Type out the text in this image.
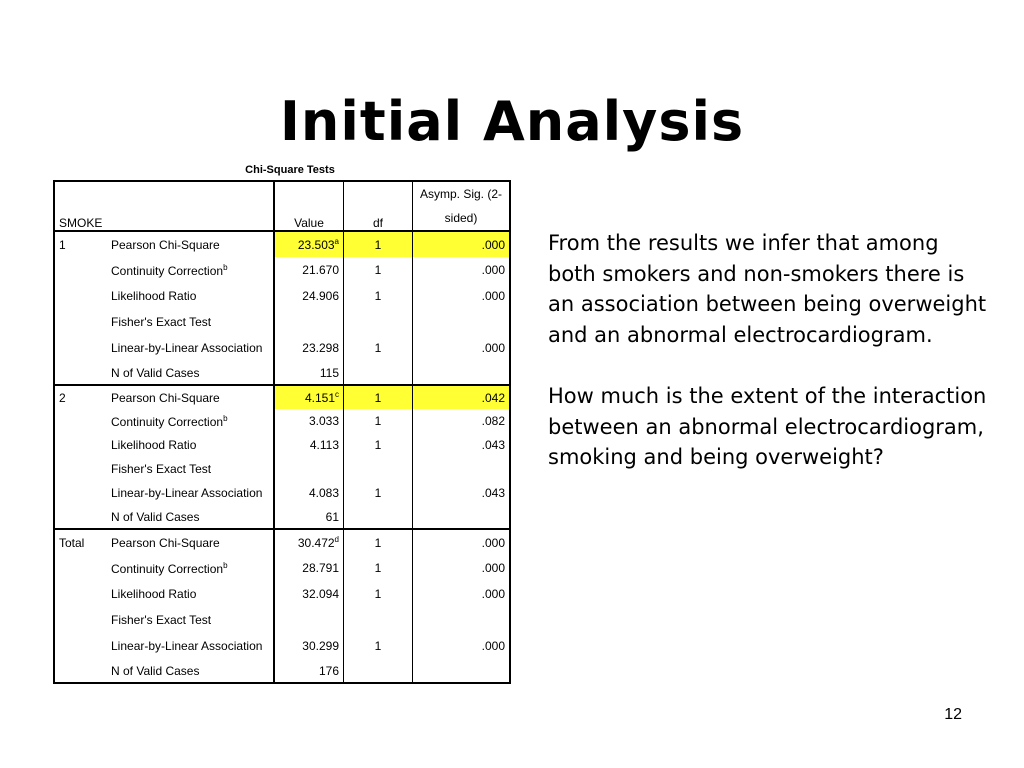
Initial Analysis
Chi-Square Tests
SMOKE		Value	df	Asymp. Sig. (2-sided)
1	Pearson Chi-Square	23.503$^a$	1	.000
	Continuity Correction$^b$	21.670	1	.000
	Likelihood Ratio	24.906	1	.000
	Fisher's Exact Test			
	Linear-by-Linear Association	23.298	1	.000
	N of Valid Cases	115		
2	Pearson Chi-Square	4.151$^c$	1	.042
	Continuity Correction$^b$	3.033	1	.082
	Likelihood Ratio	4.113	1	.043
	Fisher's Exact Test			
	Linear-by-Linear Association	4.083	1	.043
	N of Valid Cases	61		
Total	Pearson Chi-Square	30.472$^d$	1	.000
	Continuity Correction$^b$	28.791	1	.000
	Likelihood Ratio	32.094	1	.000
	Fisher's Exact Test			
	Linear-by-Linear Association	30.299	1	.000
	N of Valid Cases	176		

From the results we infer that among both smokers and non-smokers there is an association between being overweight and an abnormal electrocardiogram.

How much is the extent of the interaction between an abnormal electrocardiogram, smoking and being overweight?

12
